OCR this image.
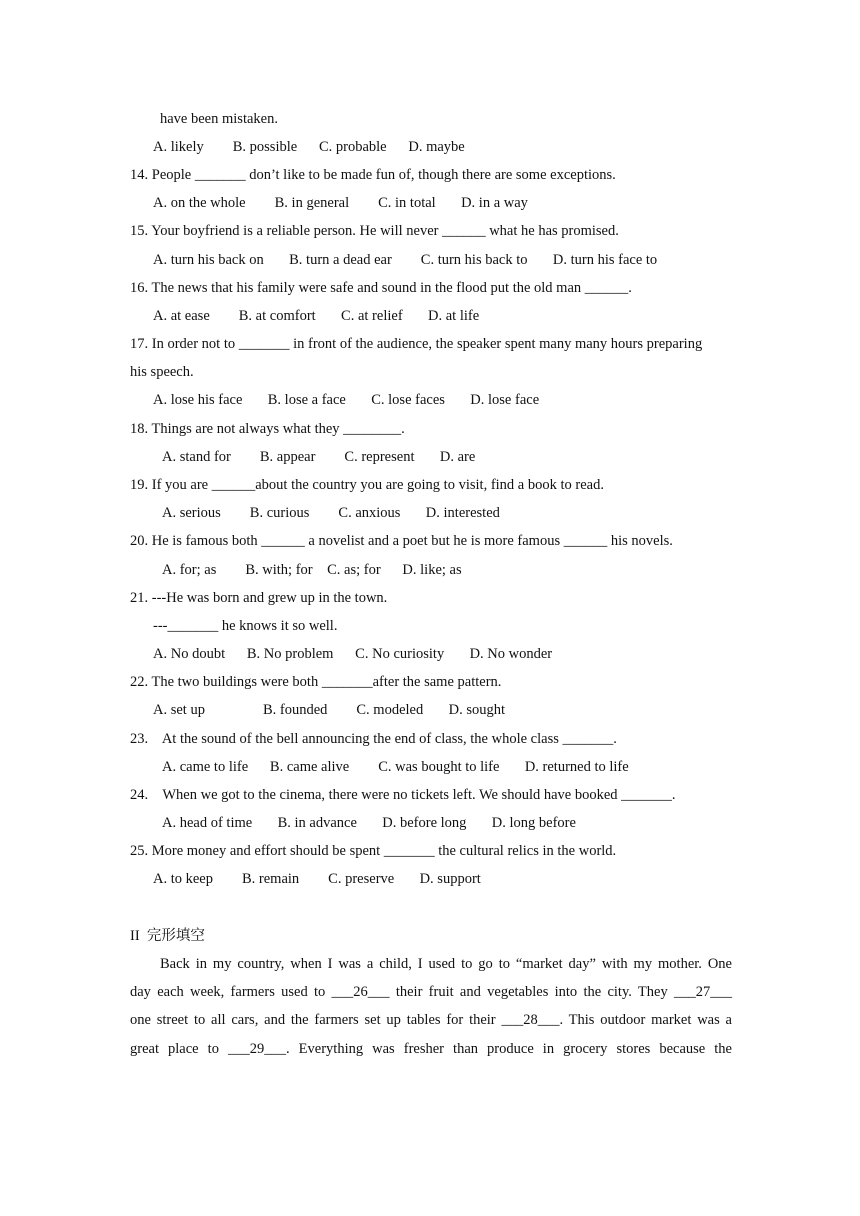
have been mistaken.
A. likely        B. possible      C. probable      D. maybe
14. People _______ don’t like to be made fun of, though there are some exceptions.
A. on the whole        B. in general        C. in total       D. in a way
15. Your boyfriend is a reliable person. He will never ______ what he has promised.
A. turn his back on       B. turn a dead ear        C. turn his back to       D. turn his face to
16. The news that his family were safe and sound in the flood put the old man ______.
A. at ease        B. at comfort       C. at relief       D. at life
17. In order not to _______ in front of the audience, the speaker spent many many hours preparing
his speech.
A. lose his face       B. lose a face       C. lose faces       D. lose face
18. Things are not always what they ________.
A. stand for        B. appear        C. represent       D. are
19. If you are ______about the country you are going to visit, find a book to read.
A. serious        B. curious        C. anxious       D. interested
20. He is famous both ______ a novelist and a poet but he is more famous ______ his novels.
A. for; as        B. with; for    C. as; for      D. like; as
21. ---He was born and grew up in the town.
---_______ he knows it so well.
A. No doubt      B. No problem      C. No curiosity       D. No wonder
22. The two buildings were both _______after the same pattern.
A. set up                B. founded        C. modeled       D. sought
23.    At the sound of the bell announcing the end of class, the whole class _______.
A. came to life      B. came alive        C. was bought to life       D. returned to life
24.    When we got to the cinema, there were no tickets left. We should have booked _______.
A. head of time       B. in advance       D. before long       D. long before
25. More money and effort should be spent _______ the cultural relics in the world.
A. to keep        B. remain        C. preserve       D. support
II  完形填空
Back in my country, when I was a child, I used to go to “market day” with my mother. One
day each week, farmers used to ___26___ their fruit and vegetables into the city. They ___27___
one street to all cars, and the farmers set up tables for their ___28___. This outdoor market was a
great place to ___29___. Everything was fresher than produce in grocery stores because the
